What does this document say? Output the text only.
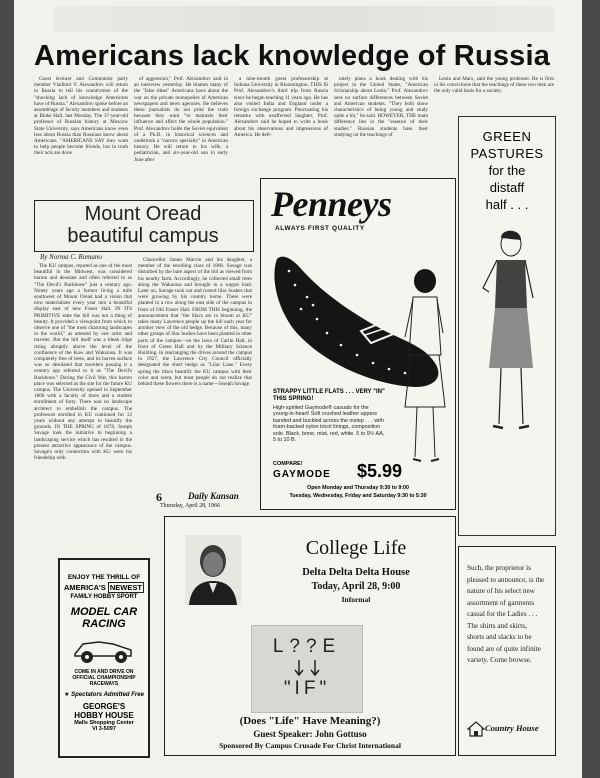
Americans lack knowledge of Russia

Guest lecturer and Communist party member Vladimir V. Alexandrov will return to Russia to tell his countrymen of the "shocking lack of knowledge Americans have of Russia." Alexandrov spoke before an assemblage of faculty members and students at Blake Hall, last Monday. The 37-year-old professor of Russian history at Moscow State University, says Americans know even less about Russia than Russians know about Americans. "AMERICANS SAY they want to help people become friends, but in truth their acts are done

of aggression," Prof. Alexandrov said in an interview yesterday. He blames many of the "false ideas" Americans have about the war on the private monopolies of American newspapers and news agencies. He believes these journalists do not print the truth because they want "to maintain their influence and affect the whole population." Prof. Alexandrov holds the Soviet equivalent of a Ph.D. in historical sciences and undertook a "narrow specialty" in American history. He will return to his wife, a pediatrician, and six-year-old son in early June after

a nine-month guest professorship at Indiana University in Bloomington. THIS IS Prof. Alexandrov's third trip from Russia since he began teaching 11 years ago. He has also visited India and England under a foreign exchange program. Punctuating his remarks with unaffected laughter, Prof. Alexandrov said he hoped to write a book about his observations and impressions of America. He defi-

nitely plans a book dealing with his project in the United States, "American Scholarship about Lenin." Prof. Alexandrov sees no surface differences between Soviet and American students. "They both show characteristics of being young and study quite a bit," he said. HOWEVER, THE main difference lies in the "essence of their studies." Russian students base their studying on the teachings of

Lenin and Marx, said the young professor. He is firm in his convictions that the teachings of these two men are the only valid basis for a society.

Mount Oread
beautiful campus
By Norma C. Romano

The KU campus, reputed as one of the most beautiful in the Midwest, was considered barren and desolate and often referred to as "The Devil's Backbone" just a century ago. Ninety years ago a farmer living a mile southwest of Mount Oread had a vision that now materializes every year into a beautiful display east of new Fraser Hall. IN ITS PRIMITIVE state the hill was not a thing of beauty. It provided a viewpoint from which to observe one of "the most charming landscapes in the world," as attested by one artist and traveler. But the hill itself was a bleak ridge rising abruptly above the level of the confluence of the Kaw and Wakarusa. It was completely free of trees, and its barren surface was so desolated that travelers passing it a century ago referred to it as "The Devil's Backbone." During the Civil War, this barren place was selected as the site for the future KU campus. The University opened in September 1866 with a faculty of three and a student enrollment of forty. There was no landscape architect to embellish the campus. The professors enrolled in KU continued for 12 years without any attempt to beautify the grounds. IN THE SPRING of 1878, Joseph Savage took the initiative in beginning a landscaping service which has resulted in the present attractive appearance of the campus. Savage's only connection with KU were his friendship with

Chancellor James Marvin and his daughter, a member of the enrolling class of 1866. Savage was disturbed by the bare aspect of the hill as viewed from his nearby farm. Accordingly, he collected small trees along the Wakarusa and brought in a wagon load. Later on, Savage took out and rooted lilac bushes that were growing by his country home. These were planted in a row along the east side of the campus in front of Old Fraser Hall. FROM THIS beginning, the announcement that "the lilacs are in bloom at KU" takes many Lawrence people up the hill each year for another view of the old hedge. Because of this, many other groups of lilac bushes have been planted in other parts of the campus—on the lawn of Carlin Hall, in front of Green Hall and by the Military Science Building. In rearranging the drives around the campus in 1927, the Lawrence City Council officially designated the short hedge as "Lilac Lane." Every spring the lilacs beautify the KU campus with their color and scent, but most people do not realize that behind these flowers there is a name—Joseph Savage.

6	Daily Kansan
Thursday, April 28, 1966
ENJOY THE THRILL OF
AMERICA'S NEWEST
FAMILY HOBBY SPORT
MODEL CAR
RACING
COME IN AND DRIVE ON
OFFICIAL CHAMPIONSHIP
RACEWAYS
★ Spectators Admitted Free
GEORGE'S
HOBBY HOUSE
Malls Shopping Center
VI 3-5097
Penneys
ALWAYS FIRST QUALITY
STRAPPY LITTLE FLATS . . . VERY "IN" THIS SPRING!
High-spirited Gaymode® casuals for the young-in-heart! Soft crushed leather uppers banded and buckled across the instep . . . with foam-backed nylon tricot linings, composition sole. Black, bone, mist, red, white. 5 to 9½ AA, 5 to 10 B.
COMPARE!
GAYMODE $5.99
Open Monday and Thursday 9:30 to 9:00
Tuesday, Wednesday, Friday and Saturday 9:30 to 5:30
GREEN
PASTURES
for the
distaff
half . . .
College Life
Delta Delta Delta House
Today, April 28, 9:00
Informal
L??E
"IF"
(Does "Life" Have Meaning?)
Guest Speaker: John Gottuso
Sponsored By Campus Crusade For Christ International
Such, the proprietor is pleased to announce, is the nature of his select new assortment of garments casual for the Ladies . . . The shirts and skirts, shorts and slacks to be found are of quite infinite variety. Come browse.
Country House
